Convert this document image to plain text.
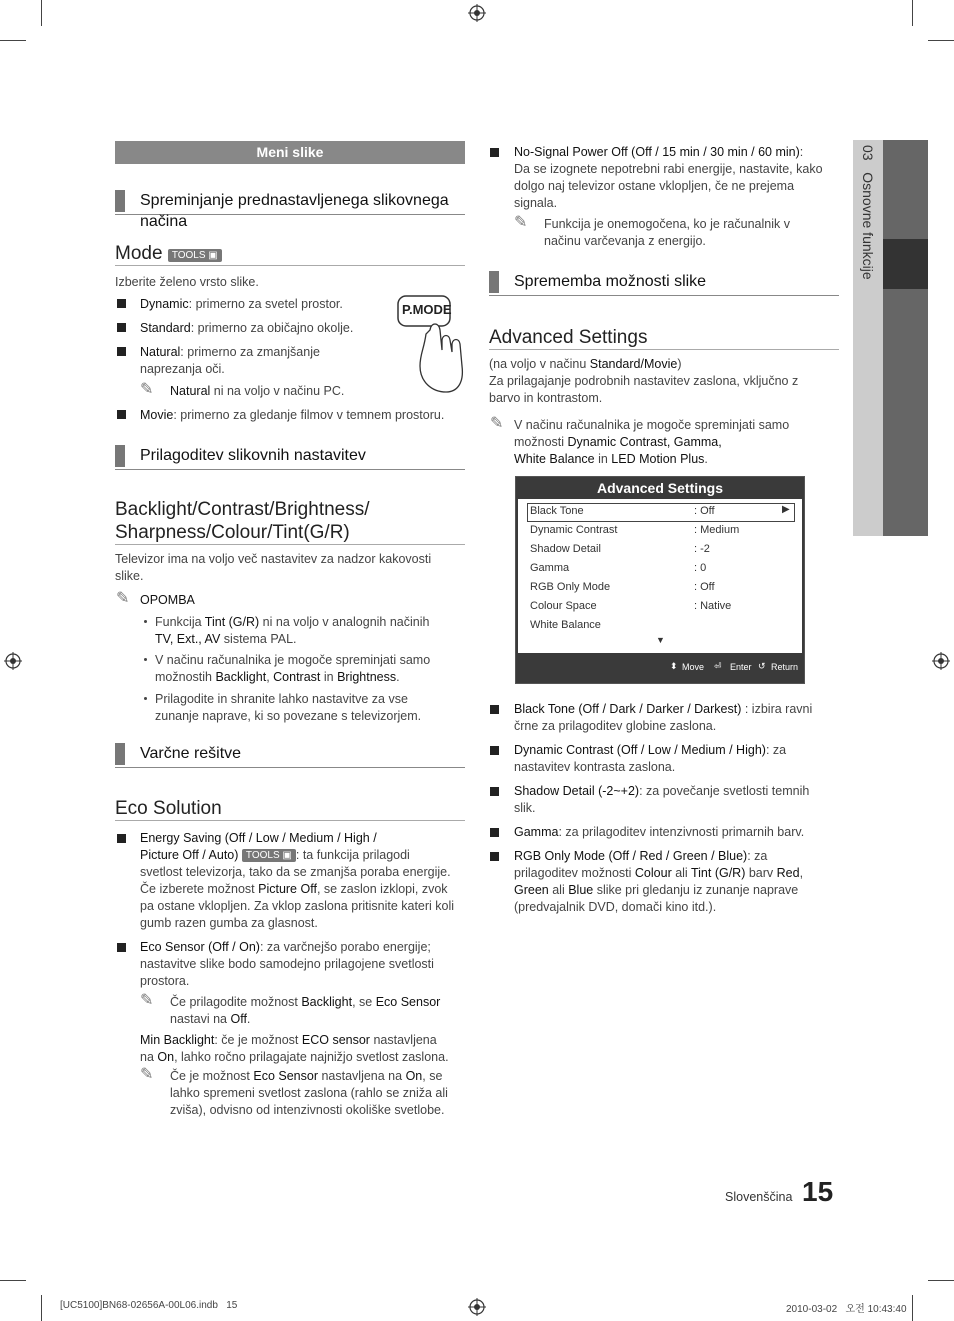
Meni slike
Spreminjanje prednastavljenega slikovnega načina
Mode TOOLS ▣
Izberite želeno vrsto slike.
Dynamic: primerno za svetel prostor.
Standard: primerno za običajno okolje.
Natural: primerno za zmanjšanje
naprezanja oči.
✎ Natural ni na voljo v načinu PC.
P.MODE
Movie: primerno za gledanje filmov v temnem prostoru.
Prilagoditev slikovnih nastavitev
Backlight/Contrast/Brightness/
Sharpness/Colour/Tint(G/R)
Televizor ima na voljo več nastavitev za nadzor kakovosti
slike.
✎ OPOMBA
Funkcija Tint (G/R) ni na voljo v analognih načinih
TV, Ext., AV sistema PAL.
V načinu računalnika je mogoče spreminjati samo
možnostih Backlight, Contrast in Brightness.
Prilagodite in shranite lahko nastavitve za vse
zunanje naprave, ki so povezane s televizorjem.
Varčne rešitve
Eco Solution
Energy Saving (Off / Low / Medium / High /
Picture Off / Auto) TOOLS ▣ : ta funkcija prilagodi
svetlost televizorja, tako da se zmanjša poraba energije.
Če izberete možnost Picture Off, se zaslon izklopi, zvok
pa ostane vklopljen. Za vklop zaslona pritisnite kateri koli
gumb razen gumba za glasnost.
Eco Sensor (Off / On): za varčnejšo porabo energije;
nastavitve slike bodo samodejno prilagojene svetlosti
prostora.
✎ Če prilagodite možnost Backlight, se Eco Sensor
nastavi na Off.
Min Backlight: če je možnost ECO sensor nastavljena
na On, lahko ročno prilagajate najnižjo svetlost zaslona.
✎ Če je možnost Eco Sensor nastavljena na On, se
lahko spremeni svetlost zaslona (rahlo se zniža ali
zviša), odvisno od intenzivnosti okoliške svetlobe.
No-Signal Power Off (Off / 15 min / 30 min / 60 min):
Da se izognete nepotrebni rabi energije, nastavite, kako
dolgo naj televizor ostane vklopljen, če ne prejema
signala.
✎ Funkcija je onemogočena, ko je računalnik v
načinu varčevanja z energijo.
Sprememba možnosti slike
Advanced Settings
(na voljo v načinu Standard/Movie)
Za prilagajanje podrobnih nastavitev zaslona, vključno z
barvo in kontrastom.
✎ V načinu računalnika je mogoče spreminjati samo
možnosti Dynamic Contrast, Gamma,
White Balance in LED Motion Plus.
Advanced Settings
Black Tone	: Off	▶
Dynamic Contrast	: Medium
Shadow Detail	: -2
Gamma	: 0
RGB Only Mode	: Off
Colour Space	: Native
White Balance
▼
⬍ Move ⏎ Enter ↺ Return
Black Tone (Off / Dark / Darker / Darkest) : izbira ravni
črne za prilagoditev globine zaslona.
Dynamic Contrast (Off / Low / Medium / High): za
nastavitev kontrasta zaslona.
Shadow Detail (-2~+2): za povečanje svetlosti temnih
slik.
Gamma: za prilagoditev intenzivnosti primarnih barv.
RGB Only Mode (Off / Red / Green / Blue): za
prilagoditev možnosti Colour ali Tint (G/R) barv Red,
Green ali Blue slike pri gledanju iz zunanje naprave
(predvajalnik DVD, domači kino itd.).
03   Osnovne funkcije
Slovenščina 15
[UC5100]BN68-02656A-00L06.indb   15	2010-03-02   오전 10:43:40
